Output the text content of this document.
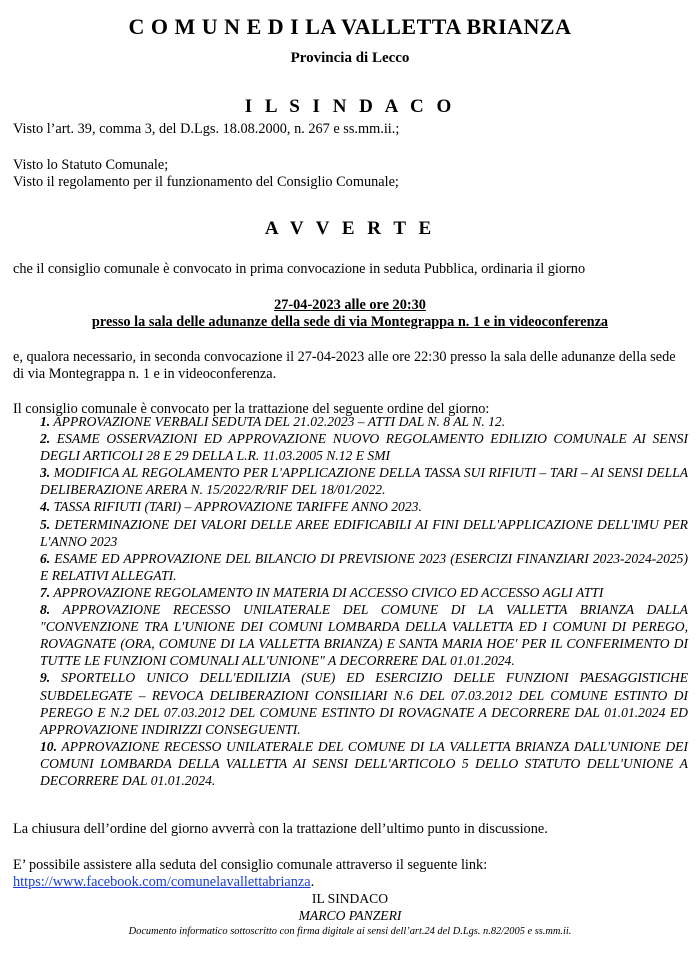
C O M U N E D I LA VALLETTA BRIANZA
Provincia di Lecco
I L S I N D A C O
Visto l’art. 39, comma 3, del D.Lgs. 18.08.2000, n. 267 e ss.mm.ii.;
Visto lo Statuto Comunale;
Visto il regolamento per il funzionamento del Consiglio Comunale;
A V V E R T E
che il consiglio comunale è convocato in prima convocazione in seduta Pubblica, ordinaria il giorno
27-04-2023 alle ore 20:30
presso la sala delle adunanze della sede di via Montegrappa n. 1 e in videoconferenza
e, qualora necessario, in seconda convocazione il 27-04-2023 alle ore 22:30 presso la sala delle adunanze della sede
di via Montegrappa n. 1 e in videoconferenza.
Il consiglio comunale è convocato per la trattazione del seguente ordine del giorno:

1. APPROVAZIONE VERBALI SEDUTA DEL 21.02.2023 – ATTI DAL N. 8 AL N. 12.

2. ESAME OSSERVAZIONI ED APPROVAZIONE NUOVO REGOLAMENTO EDILIZIO COMUNALE AI SENSI DEGLI ARTICOLI 28 E 29 DELLA L.R. 11.03.2005 N.12 E SMI

3. MODIFICA AL REGOLAMENTO PER L'APPLICAZIONE DELLA TASSA SUI RIFIUTI – TARI – AI SENSI DELLA DELIBERAZIONE ARERA N. 15/2022/R/RIF DEL 18/01/2022.

4. TASSA RIFIUTI (TARI) – APPROVAZIONE TARIFFE ANNO 2023.

5. DETERMINAZIONE DEI VALORI DELLE AREE EDIFICABILI AI FINI DELL'APPLICAZIONE DELL'IMU PER L'ANNO 2023

6. ESAME ED APPROVAZIONE DEL BILANCIO DI PREVISIONE 2023 (ESERCIZI FINANZIARI 2023-2024-2025) E RELATIVI ALLEGATI.

7. APPROVAZIONE REGOLAMENTO IN MATERIA DI ACCESSO CIVICO ED ACCESSO AGLI ATTI

8. APPROVAZIONE RECESSO UNILATERALE DEL COMUNE DI LA VALLETTA BRIANZA DALLA "CONVENZIONE TRA L'UNIONE DEI COMUNI LOMBARDA DELLA VALLETTA ED I COMUNI DI PEREGO, ROVAGNATE (ORA, COMUNE DI LA VALLETTA BRIANZA) E SANTA MARIA HOE' PER IL CONFERIMENTO DI TUTTE LE FUNZIONI COMUNALI ALL'UNIONE" A DECORRERE DAL 01.01.2024.

9. SPORTELLO UNICO DELL'EDILIZIA (SUE) ED ESERCIZIO DELLE FUNZIONI PAESAGGISTICHE SUBDELEGATE – REVOCA DELIBERAZIONI CONSILIARI N.6 DEL 07.03.2012 DEL COMUNE ESTINTO DI PEREGO E N.2 DEL 07.03.2012 DEL COMUNE ESTINTO DI ROVAGNATE A DECORRERE DAL 01.01.2024 ED APPROVAZIONE INDIRIZZI CONSEGUENTI.

10. APPROVAZIONE RECESSO UNILATERALE DEL COMUNE DI LA VALLETTA BRIANZA DALL'UNIONE DEI COMUNI LOMBARDA DELLA VALLETTA AI SENSI DELL'ARTICOLO 5 DELLO STATUTO DELL'UNIONE A DECORRERE DAL 01.01.2024.

La chiusura dell’ordine del giorno avverrà con la trattazione dell’ultimo punto in discussione.
E’ possibile assistere alla seduta del consiglio comunale attraverso il seguente link:
https://www.facebook.com/comunelavallettabrianza.
IL SINDACO
MARCO PANZERI
Documento informatico sottoscritto con firma digitale ai sensi dell’art.24 del D.Lgs. n.82/2005 e ss.mm.ii.
